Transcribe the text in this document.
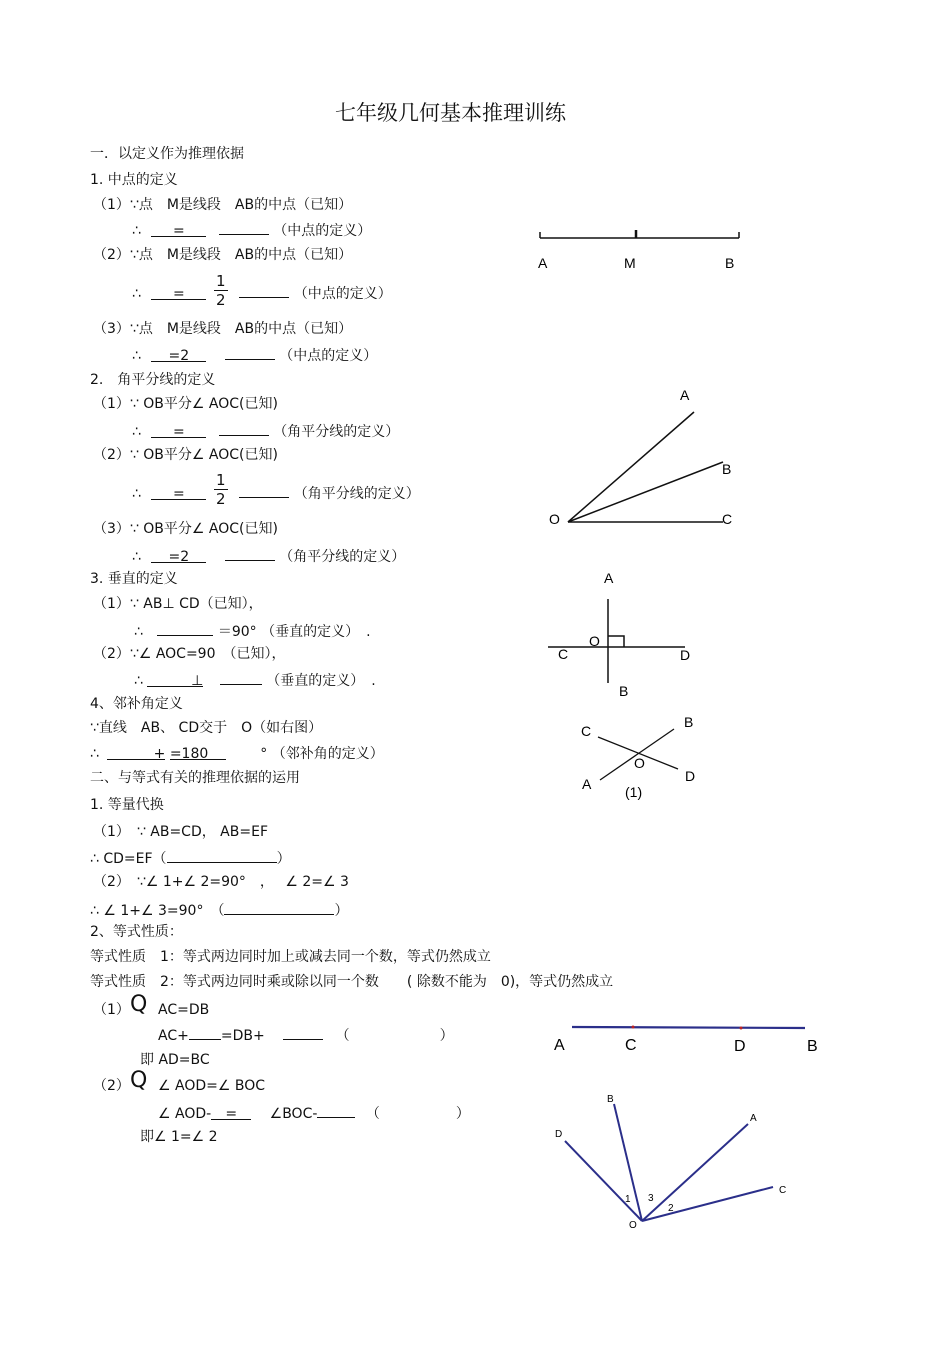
七年级几何基本推理训练
一．以定义作为推理依据
1. 中点的定义
（1）∵点　M是线段　AB的中点（已知）
∴ =	（中点的定义）
（2）∵点　M是线段　AB的中点（已知）
∴ =	（中点的定义）
$\frac{1}{2}$
（3）∵点　M是线段　AB的中点（已知）
∴ =2	（中点的定义）
2.　角平分线的定义
（1）∵ OB平分∠ AOC(已知)
∴ =	（角平分线的定义）
（2）∵ OB平分∠ AOC(已知)
∴ =	（角平分线的定义）
$\frac{1}{2}$
（3）∵ OB平分∠ AOC(已知)
∴ =2	（角平分线的定义）
3. 垂直的定义
（1）∵ AB⊥ CD（已知），
∴	＝90° （垂直的定义）　.
（2）∵∠ AOC=90　（已知），
∴	⊥	（垂直的定义）　.
4、邻补角定义
∵直线　AB、 CD交于　O（如右图）
∴	+ =180	° （邻补角的定义）
二、与等式有关的推理依据的运用
1. 等量代换
（1）　∵ AB=CD， AB=EF
∴ CD=EF（	）
（2）　∵∠ 1+∠ 2=90°　，　 ∠ 2=∠ 3
∴ ∠ 1+∠ 3=90°　（	）
2、等式性质：
等式性质　1：等式两边同时加上或减去同一个数，等式仍然成立
等式性质　2：等式两边同时乘或除以同一个数　　( 除数不能为　0)，等式仍然成立
（1） Q AC=DB
AC+ =DB+	（	）
即 AD=BC
（2） Q ∠ AOD=∠ BOC
∠ AOD- = ∠BOC-	（	）
即∠ 1=∠ 2
A	M	B
A
B
O	C
A
O
C	D
B
C
B
O
A	D
(1)
A	C	D	B
B
A
D
C
1 3
2
O
